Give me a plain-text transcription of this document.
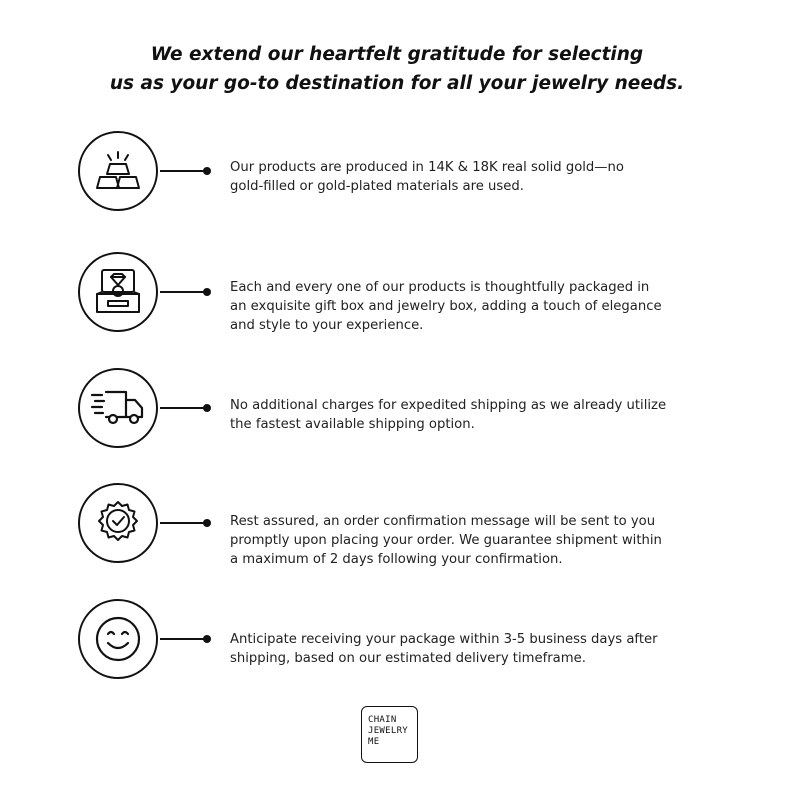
We extend our heartfelt gratitude for selecting
us as your go-to destination for all your jewelry needs.
Our products are produced in 14K & 18K real solid gold—no
gold-filled or gold-plated materials are used.
Each and every one of our products is thoughtfully packaged in
an exquisite gift box and jewelry box, adding a touch of elegance
and style to your experience.
No additional charges for expedited shipping as we already utilize
the fastest available shipping option.
Rest assured, an order confirmation message will be sent to you
promptly upon placing your order. We guarantee shipment within
a maximum of 2 days following your confirmation.
Anticipate receiving your package within 3-5 business days after
shipping, based on our estimated delivery timeframe.
CHAIN
JEWELRY
ME
